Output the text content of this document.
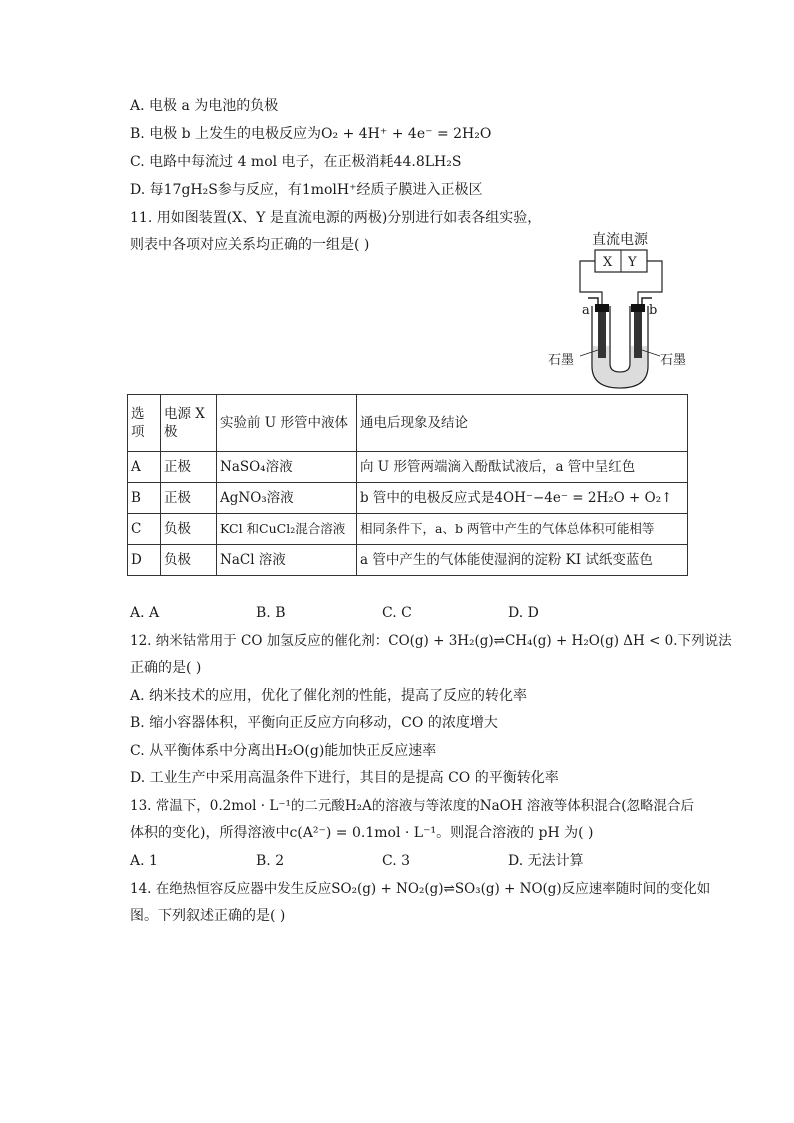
A. 电极 a 为电池的负极
B. 电极 b 上发生的电极反应为O₂ + 4H⁺ + 4e⁻ = 2H₂O
C. 电路中每流过 4 mol 电子，在正极消耗44.8LH₂S
D. 每17gH₂S参与反应，有1molH⁺经质子膜进入正极区
11. 用如图装置(X、Y 是直流电源的两极)分别进行如表各组实验，
则表中各项对应关系均正确的一组是( )	直流电源
X Y
a	b
石墨	石墨
选项	电源 X 极	实验前 U 形管中液体	通电后现象及结论
A	正极	NaSO₄溶液	向 U 形管两端滴入酚酞试液后，a 管中呈红色
B	正极	AgNO₃溶液	b 管中的电极反应式是4OH⁻−4e⁻ = 2H₂O + O₂↑
C	负极	KCl 和CuCl₂混合溶液	相同条件下，a、b 两管中产生的气体总体积可能相等
D	负极	NaCl 溶液	a 管中产生的气体能使湿润的淀粉 KI 试纸变蓝色
A. A	B. B	C. C	D. D
12. 纳米钴常用于 CO 加氢反应的催化剂：CO(g) + 3H₂(g)⇌CH₄(g) + H₂O(g) ΔH < 0.下列说法
正确的是( )
A. 纳米技术的应用，优化了催化剂的性能，提高了反应的转化率
B. 缩小容器体积，平衡向正反应方向移动，CO 的浓度增大
C. 从平衡体系中分离出H₂O(g)能加快正反应速率
D. 工业生产中采用高温条件下进行，其目的是提高 CO 的平衡转化率
13. 常温下，0.2mol · L⁻¹的二元酸H₂A的溶液与等浓度的NaOH 溶液等体积混合(忽略混合后
体积的变化)，所得溶液中c(A²⁻) = 0.1mol · L⁻¹。则混合溶液的 pH 为( )
A. 1	B. 2	C. 3	D. 无法计算
14. 在绝热恒容反应器中发生反应SO₂(g) + NO₂(g)⇌SO₃(g) + NO(g)反应速率随时间的变化如
图。下列叙述正确的是( )
